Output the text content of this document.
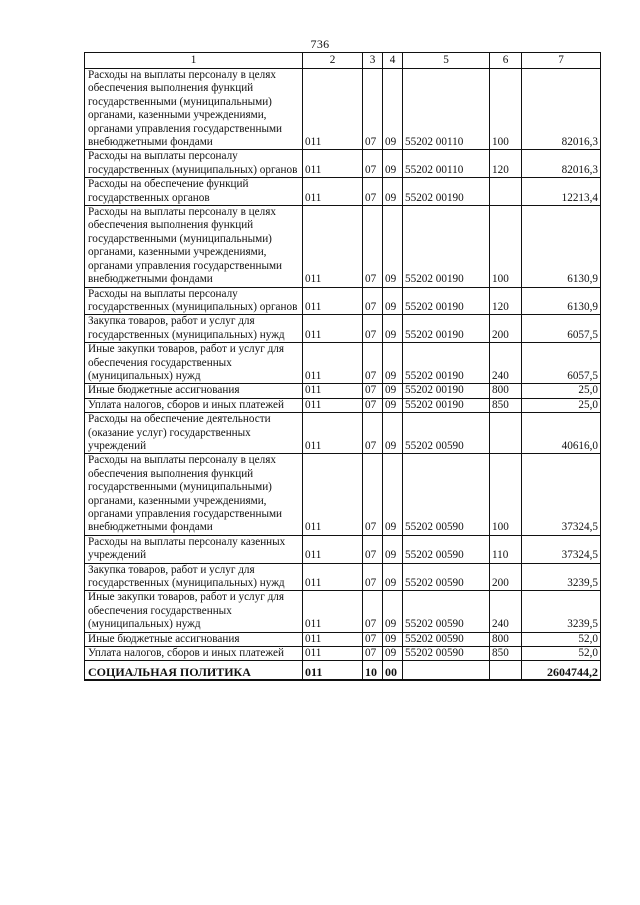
736
1	2	3	4	5	6	7
Расходы на выплаты персоналу в целях обеспечения выполнения функций государственными (муниципальными) органами, казенными учреждениями, органами управления государственными внебюджетными фондами	011	07	09	55202 00110	100	82016,3
Расходы на выплаты персоналу государственных (муниципальных) органов	011	07	09	55202 00110	120	82016,3
Расходы на обеспечение функций государственных органов	011	07	09	55202 00190		12213,4
Расходы на выплаты персоналу в целях обеспечения выполнения функций государственными (муниципальными) органами, казенными учреждениями, органами управления государственными внебюджетными фондами	011	07	09	55202 00190	100	6130,9
Расходы на выплаты персоналу государственных (муниципальных) органов	011	07	09	55202 00190	120	6130,9
Закупка товаров, работ и услуг для государственных (муниципальных) нужд	011	07	09	55202 00190	200	6057,5
Иные закупки товаров, работ и услуг для обеспечения государственных (муниципальных) нужд	011	07	09	55202 00190	240	6057,5
Иные бюджетные ассигнования	011	07	09	55202 00190	800	25,0
Уплата налогов, сборов и иных платежей	011	07	09	55202 00190	850	25,0
Расходы на обеспечение деятельности (оказание услуг) государственных учреждений	011	07	09	55202 00590		40616,0
Расходы на выплаты персоналу в целях обеспечения выполнения функций государственными (муниципальными) органами, казенными учреждениями, органами управления государственными внебюджетными фондами	011	07	09	55202 00590	100	37324,5
Расходы на выплаты персоналу казенных учреждений	011	07	09	55202 00590	110	37324,5
Закупка товаров, работ и услуг для государственных (муниципальных) нужд	011	07	09	55202 00590	200	3239,5
Иные закупки товаров, работ и услуг для обеспечения государственных (муниципальных) нужд	011	07	09	55202 00590	240	3239,5
Иные бюджетные ассигнования	011	07	09	55202 00590	800	52,0
Уплата налогов, сборов и иных платежей	011	07	09	55202 00590	850	52,0
СОЦИАЛЬНАЯ ПОЛИТИКА	011	10	00			2604744,2
